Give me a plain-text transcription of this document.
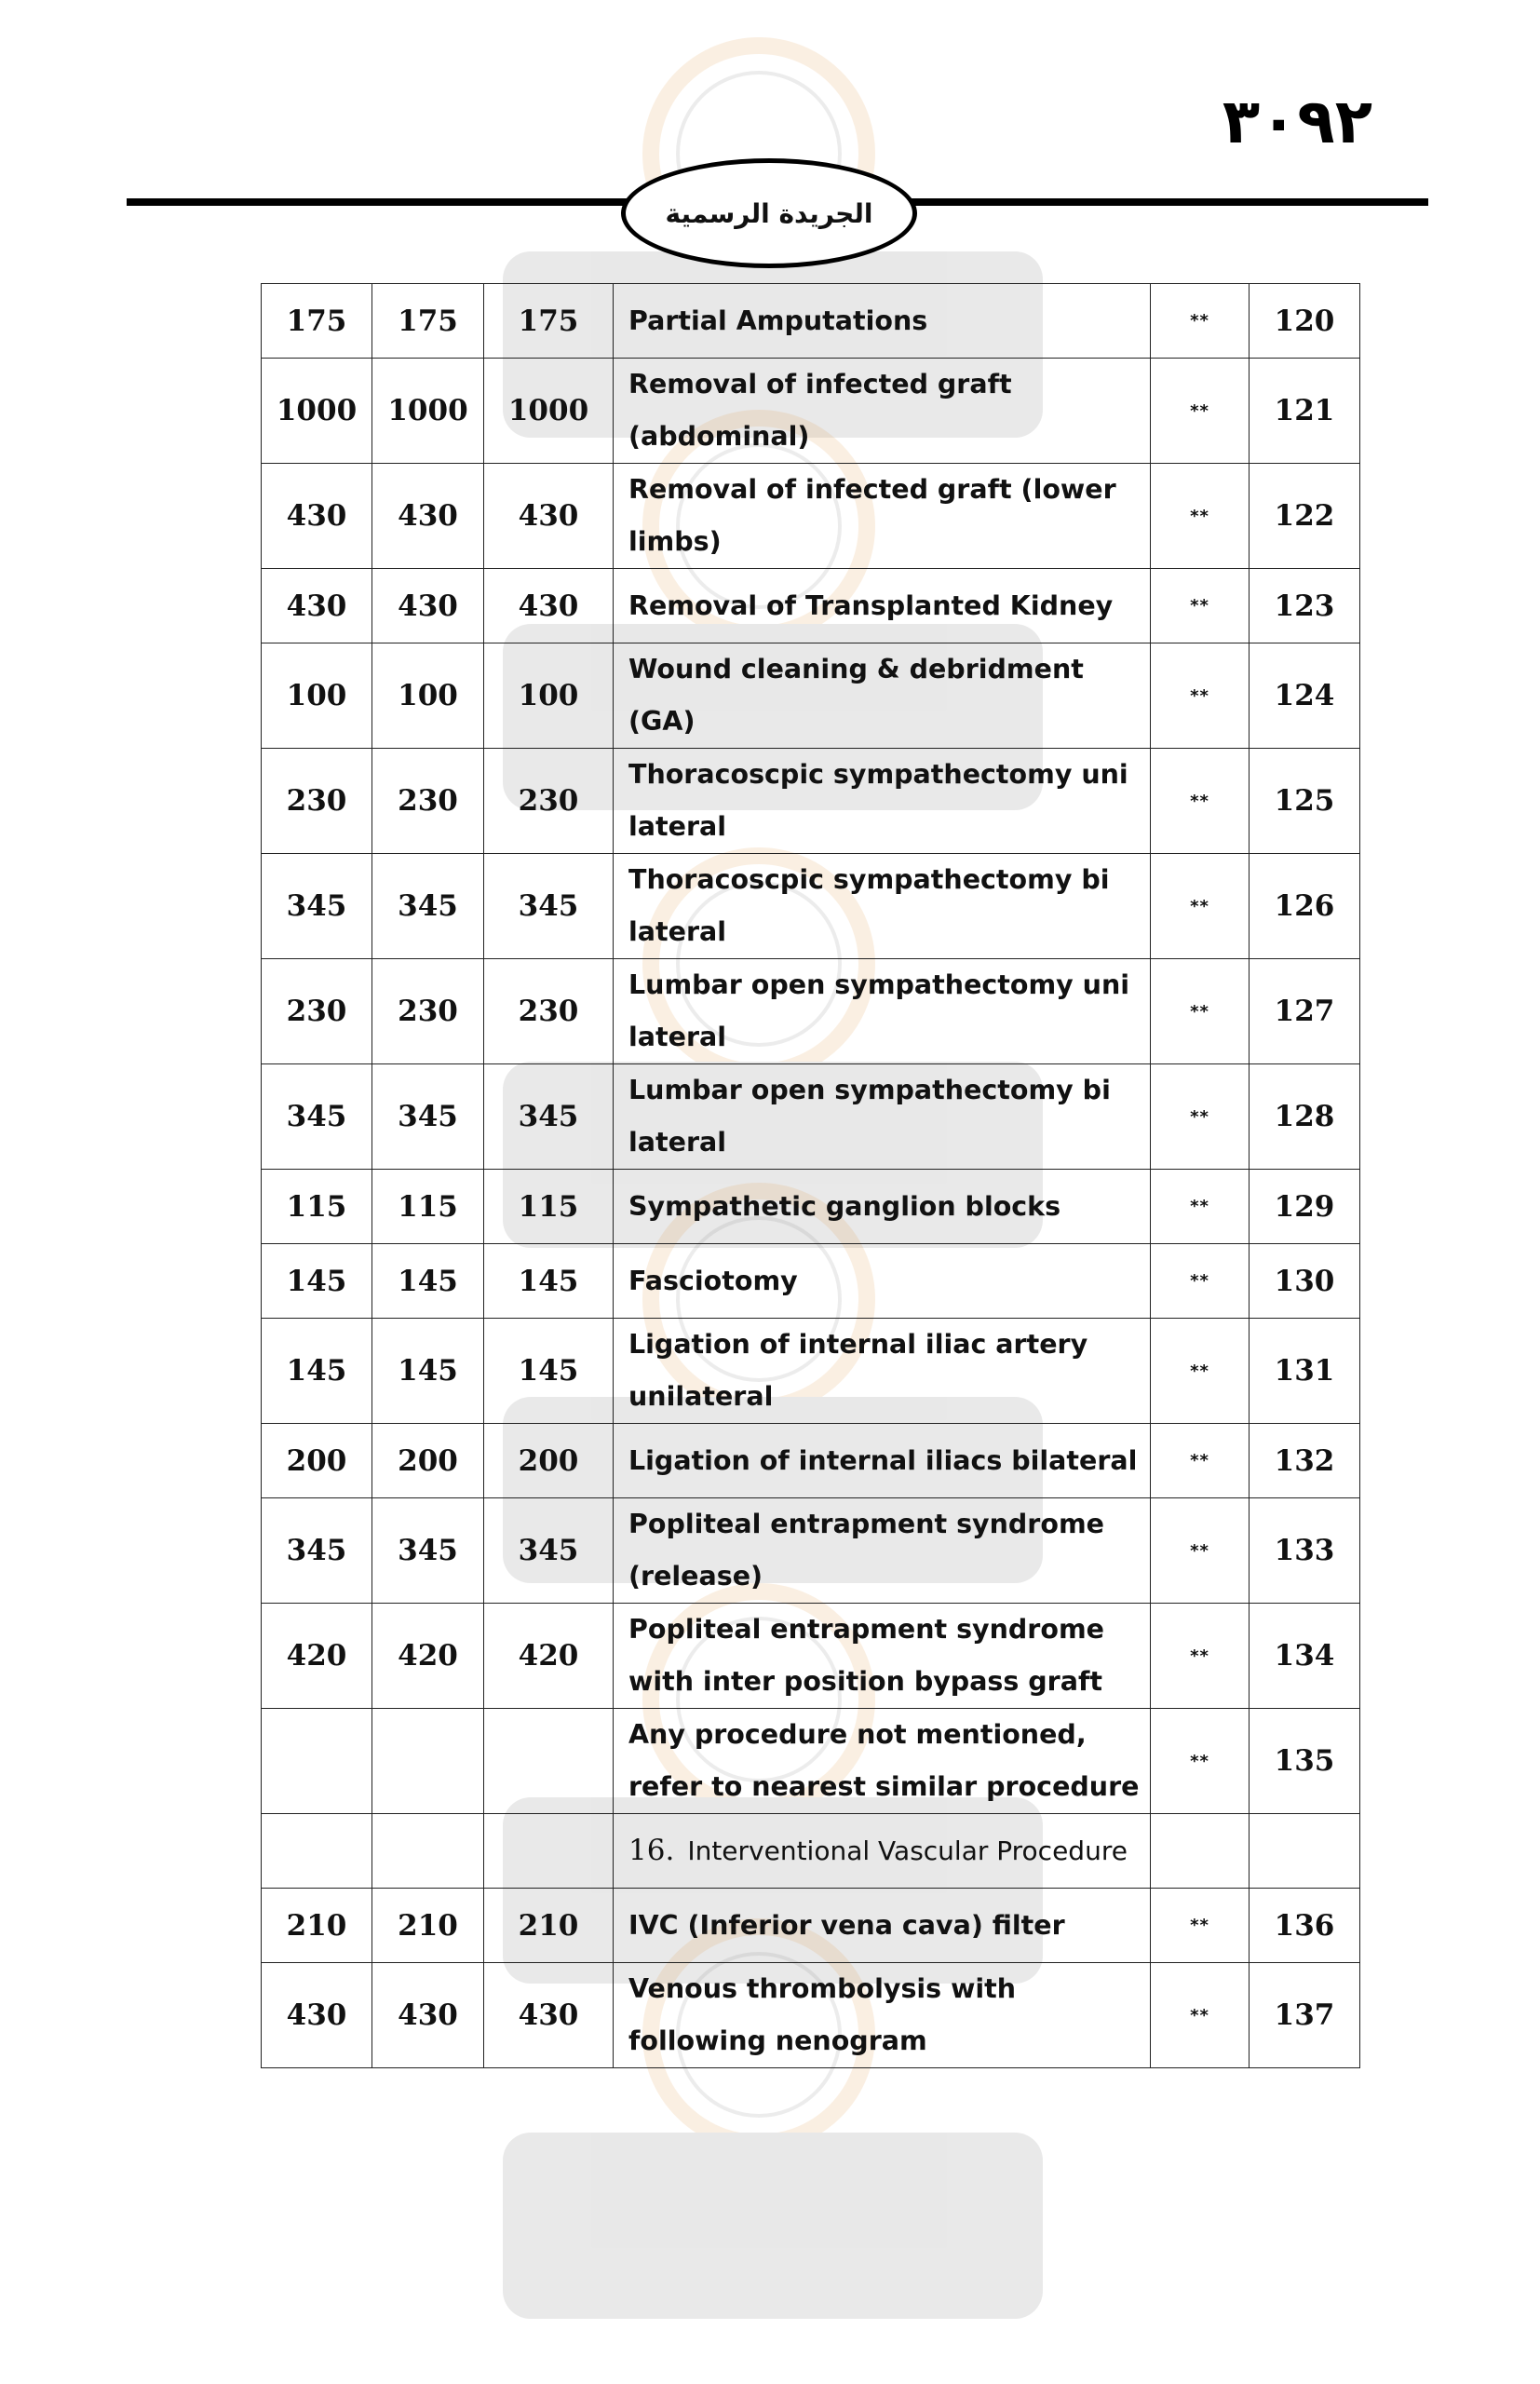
٣٠٩٢
الجريدة الرسمية
175	175	175	Partial Amputations	**	120
1000	1000	1000	Removal of infected graft (abdominal)	**	121
430	430	430	Removal of infected graft (lower limbs)	**	122
430	430	430	Removal of Transplanted Kidney	**	123
100	100	100	Wound cleaning & debridment (GA)	**	124
230	230	230	Thoracoscpic sympathectomy uni lateral	**	125
345	345	345	Thoracoscpic sympathectomy bi lateral	**	126
230	230	230	Lumbar open sympathectomy uni lateral	**	127
345	345	345	Lumbar open sympathectomy bi lateral	**	128
115	115	115	Sympathetic ganglion blocks	**	129
145	145	145	Fasciotomy	**	130
145	145	145	Ligation of internal iliac artery unilateral	**	131
200	200	200	Ligation of internal iliacs bilateral	**	132
345	345	345	Popliteal entrapment syndrome (release)	**	133
420	420	420	Popliteal entrapment syndrome with inter position bypass graft	**	134
			Any procedure not mentioned, refer to nearest similar procedure	**	135
			16. Interventional Vascular Procedure		
210	210	210	IVC (Inferior vena cava) filter	**	136
430	430	430	Venous thrombolysis with following nenogram	**	137
